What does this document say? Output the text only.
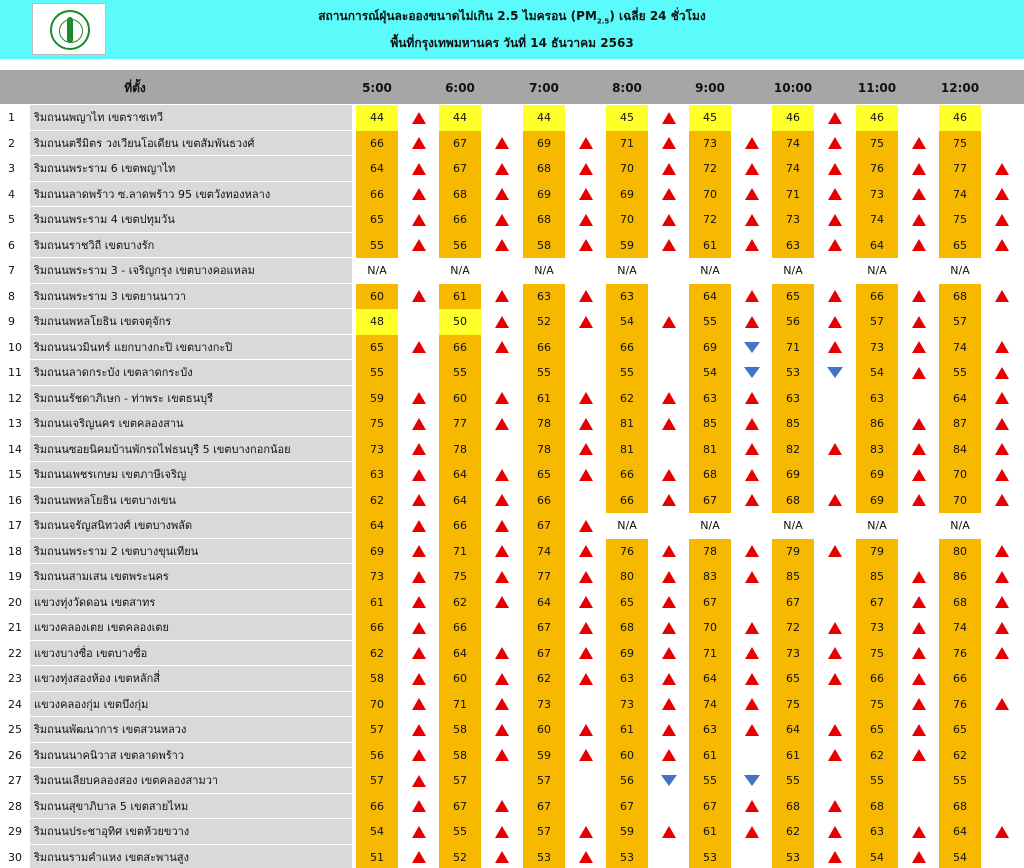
สถานการณ์ฝุ่นละอองขนาดไม่เกิน 2.5 ไมครอน $(PM_{2.5})$ เฉลี่ย 24 ชั่วโมง
พื้นที่กรุงเทพมหานคร วันที่ 14 ธันวาคม 2563
ที่ตั้ง	5:00	6:00	7:00	8:00	9:00	10:00	11:00	12:00
1	ริมถนนพญาไท เขตราชเทวี	44	44	44	45	45	46	46	46
2	ริมถนนตรีมิตร วงเวียนโอเดียน เขตสัมพันธวงศ์	66	67	69	71	73	74	75	75
3	ริมถนนพระราม 6 เขตพญาไท	64	67	68	70	72	74	76	77
4	ริมถนนลาดพร้าว ซ.ลาดพร้าว 95 เขตวังทองหลาง	66	68	69	69	70	71	73	74
5	ริมถนนพระราม 4 เขตปทุมวัน	65	66	68	70	72	73	74	75
6	ริมถนนราชวิถี เขตบางรัก	55	56	58	59	61	63	64	65
7	ริมถนนพระราม 3 - เจริญกรุง เขตบางคอแหลม	N/A	N/A	N/A	N/A	N/A	N/A	N/A	N/A
8	ริมถนนพระราม 3 เขตยานนาวา	60	61	63	63	64	65	66	68
9	ริมถนนพหลโยธิน เขตจตุจักร	48	50	52	54	55	56	57	57
10	ริมถนนนวมินทร์ แยกบางกะปิ เขตบางกะปิ	65	66	66	66	69	71	73	74
11	ริมถนนลาดกระบัง เขตลาดกระบัง	55	55	55	55	54	53	54	55
12	ริมถนนรัชดาภิเษก - ท่าพระ เขตธนบุรี	59	60	61	62	63	63	63	64
13	ริมถนนเจริญนคร เขตคลองสาน	75	77	78	81	85	85	86	87
14	ริมถนนซอยนิคมบ้านพักรถไฟธนบุรี 5 เขตบางกอกน้อย	73	78	78	81	81	82	83	84
15	ริมถนนเพชรเกษม เขตภาษีเจริญ	63	64	65	66	68	69	69	70
16	ริมถนนพหลโยธิน เขตบางเขน	62	64	66	66	67	68	69	70
17	ริมถนนจรัญสนิทวงศ์ เขตบางพลัด	64	66	67	N/A	N/A	N/A	N/A	N/A
18	ริมถนนพระราม 2 เขตบางขุนเทียน	69	71	74	76	78	79	79	80
19	ริมถนนสามเสน เขตพระนคร	73	75	77	80	83	85	85	86
20	แขวงทุ่งวัดดอน เขตสาทร	61	62	64	65	67	67	67	68
21	แขวงคลองเตย เขตคลองเตย	66	66	67	68	70	72	73	74
22	แขวงบางซื่อ เขตบางซื่อ	62	64	67	69	71	73	75	76
23	แขวงทุ่งสองห้อง เขตหลักสี่	58	60	62	63	64	65	66	66
24	แขวงคลองกุ่ม เขตบึงกุ่ม	70	71	73	73	74	75	75	76
25	ริมถนนพัฒนาการ เขตสวนหลวง	57	58	60	61	63	64	65	65
26	ริมถนนนาคนิวาส เขตลาดพร้าว	56	58	59	60	61	61	62	62
27	ริมถนนเลียบคลองสอง เขตคลองสามวา	57	57	57	56	55	55	55	55
28	ริมถนนสุขาภิบาล 5 เขตสายไหม	66	67	67	67	67	68	68	68
29	ริมถนนประชาอุทิศ เขตห้วยขวาง	54	55	57	59	61	62	63	64
30	ริมถนนรามคำแหง เขตสะพานสูง	51	52	53	53	53	53	54	54
